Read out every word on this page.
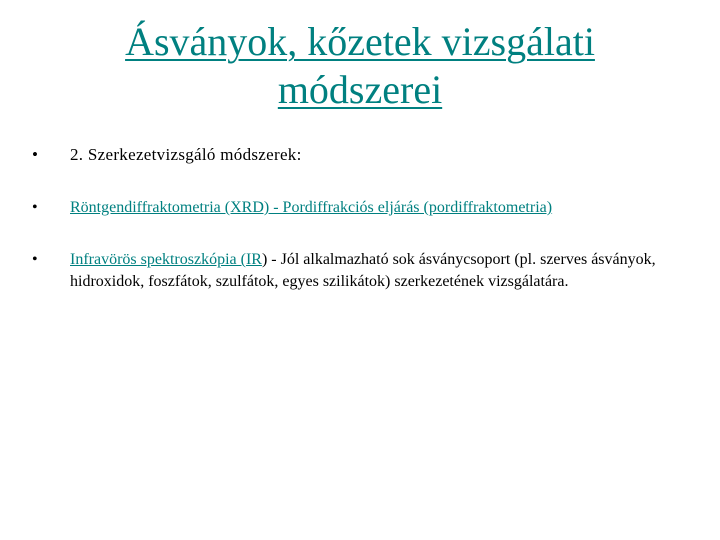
Ásványok, kőzetek vizsgálati
módszerei
•	2. Szerkezetvizsgáló módszerek:
•	Röntgendiffraktometria (XRD) - Pordiffrakciós eljárás (pordiffraktometria)
•	Infravörös spektroszkópia (IR) - Jól alkalmazható sok ásványcsoport (pl. szerves ásványok, hidroxidok, foszfátok, szulfátok, egyes szilikátok) szerkezetének vizsgálatára.
